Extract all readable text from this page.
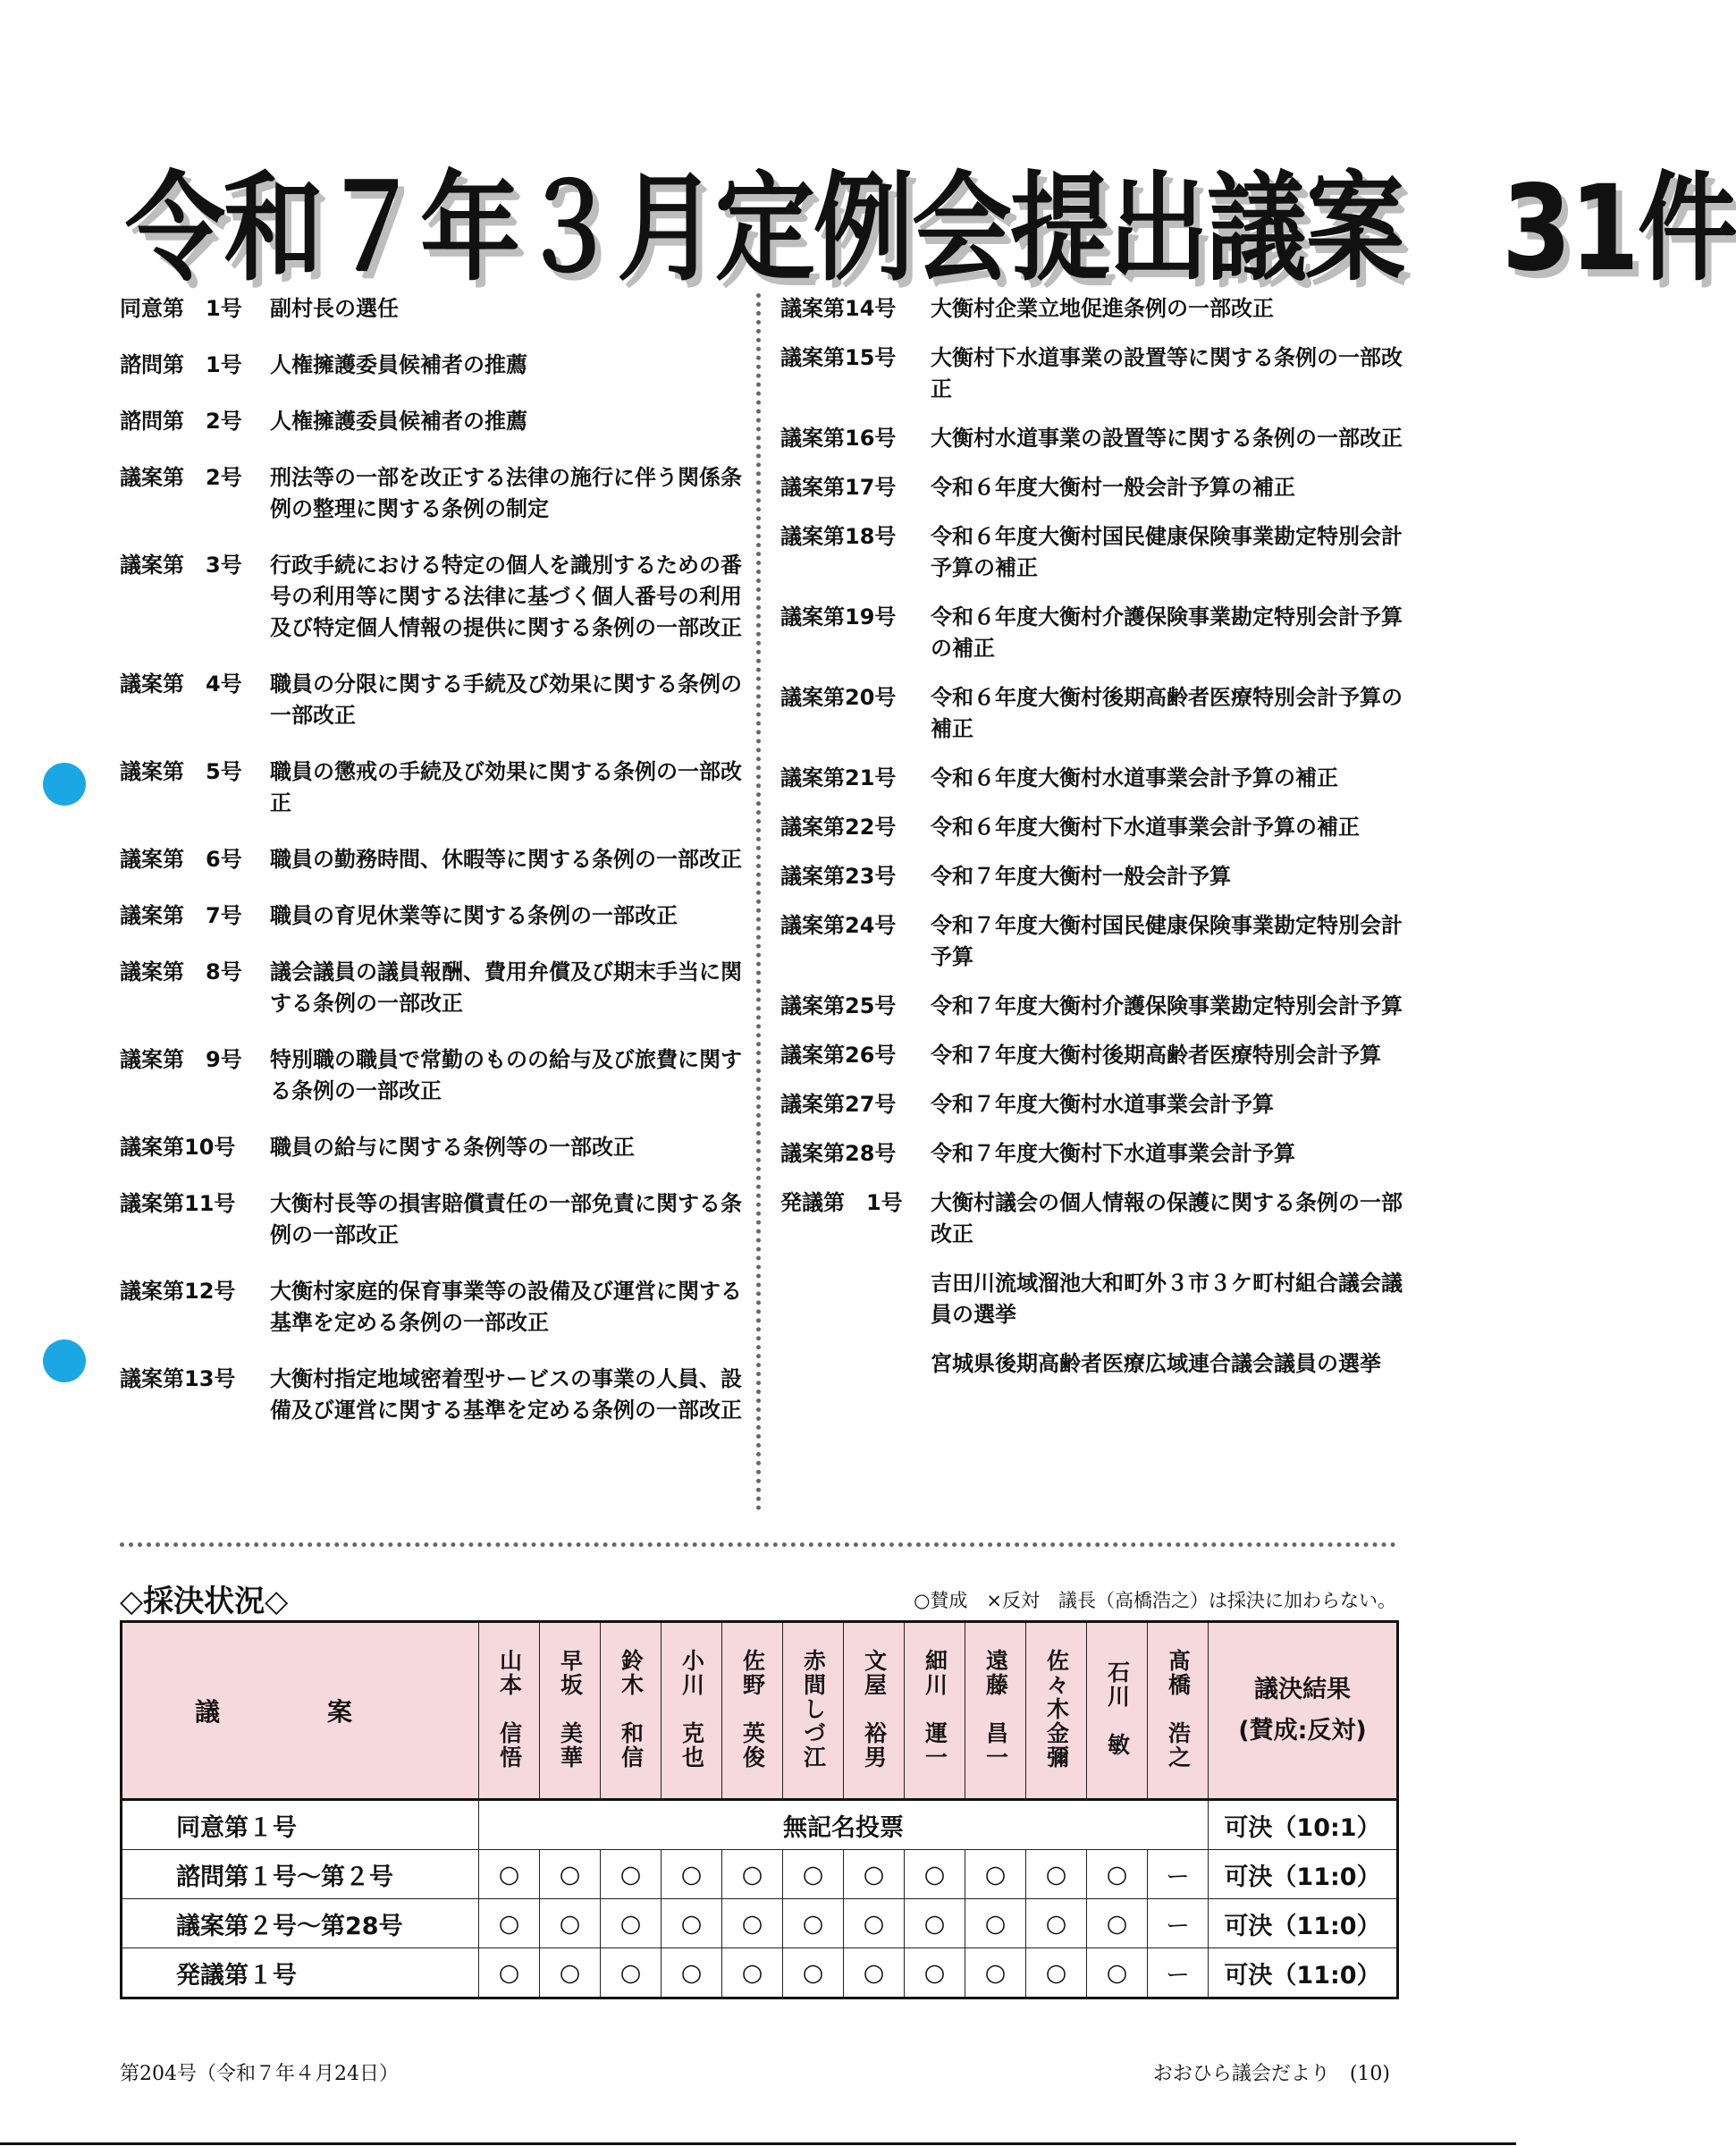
令和７年３月定例会提出議案　31件
同意第　1号	副村長の選任
諮問第　1号	人権擁護委員候補者の推薦
諮問第　2号	人権擁護委員候補者の推薦
議案第　2号	刑法等の一部を改正する法律の施行に伴う関係条例の整理に関する条例の制定
議案第　3号	行政手続における特定の個人を識別するための番号の利用等に関する法律に基づく個人番号の利用及び特定個人情報の提供に関する条例の一部改正
議案第　4号	職員の分限に関する手続及び効果に関する条例の一部改正
議案第　5号	職員の懲戒の手続及び効果に関する条例の一部改正
議案第　6号	職員の勤務時間、休暇等に関する条例の一部改正
議案第　7号	職員の育児休業等に関する条例の一部改正
議案第　8号	議会議員の議員報酬、費用弁償及び期末手当に関する条例の一部改正
議案第　9号	特別職の職員で常勤のものの給与及び旅費に関する条例の一部改正
議案第10号	職員の給与に関する条例等の一部改正
議案第11号	大衡村長等の損害賠償責任の一部免責に関する条例の一部改正
議案第12号	大衡村家庭的保育事業等の設備及び運営に関する基準を定める条例の一部改正
議案第13号	大衡村指定地域密着型サービスの事業の人員、設備及び運営に関する基準を定める条例の一部改正
議案第14号	大衡村企業立地促進条例の一部改正
議案第15号	大衡村下水道事業の設置等に関する条例の一部改正
議案第16号	大衡村水道事業の設置等に関する条例の一部改正
議案第17号	令和６年度大衡村一般会計予算の補正
議案第18号	令和６年度大衡村国民健康保険事業勘定特別会計予算の補正
議案第19号	令和６年度大衡村介護保険事業勘定特別会計予算の補正
議案第20号	令和６年度大衡村後期高齢者医療特別会計予算の補正
議案第21号	令和６年度大衡村水道事業会計予算の補正
議案第22号	令和６年度大衡村下水道事業会計予算の補正
議案第23号	令和７年度大衡村一般会計予算
議案第24号	令和７年度大衡村国民健康保険事業勘定特別会計予算
議案第25号	令和７年度大衡村介護保険事業勘定特別会計予算
議案第26号	令和７年度大衡村後期高齢者医療特別会計予算
議案第27号	令和７年度大衡村水道事業会計予算
議案第28号	令和７年度大衡村下水道事業会計予算
発議第　1号	大衡村議会の個人情報の保護に関する条例の一部改正
吉田川流域溜池大和町外３市３ケ町村組合議会議員の選挙
宮城県後期高齢者医療広域連合議会議員の選挙
◇採決状況◇	○賛成　×反対　議長（高橋浩之）は採決に加わらない。
議案	山本　信悟	早坂　美華	鈴木　和信	小川　克也	佐野　英俊	赤間しづ江	文屋　裕男	細川　運一	遠藤　昌一	佐々木金彌	石川　敏	髙橋　浩之	議決結果
(賛成:反対)
同意第１号	無記名投票												可決（10:1）
諮問第１号～第２号	○	○	○	○	○	○	○	○	○	○	○	ー	可決（11:0）
議案第２号～第28号	○	○	○	○	○	○	○	○	○	○	○	ー	可決（11:0）
発議第１号	○	○	○	○	○	○	○	○	○	○	○	ー	可決（11:0）
第204号（令和７年４月24日）	おおひら議会だより　(10)
